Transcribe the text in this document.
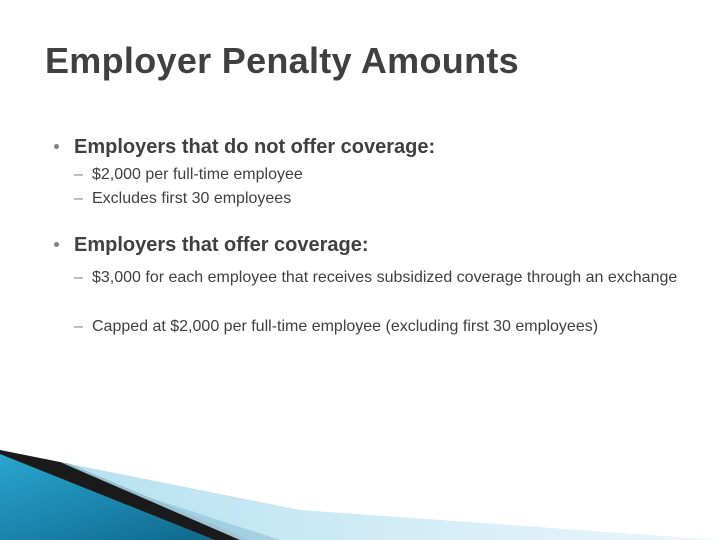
Employer Penalty Amounts
Employers that do not offer coverage:
– $2,000 per full-time employee
– Excludes first 30 employees
Employers that offer coverage:
– $3,000 for each employee that receives subsidized coverage through an exchange
– Capped at $2,000 per full-time employee (excluding first 30 employees)
